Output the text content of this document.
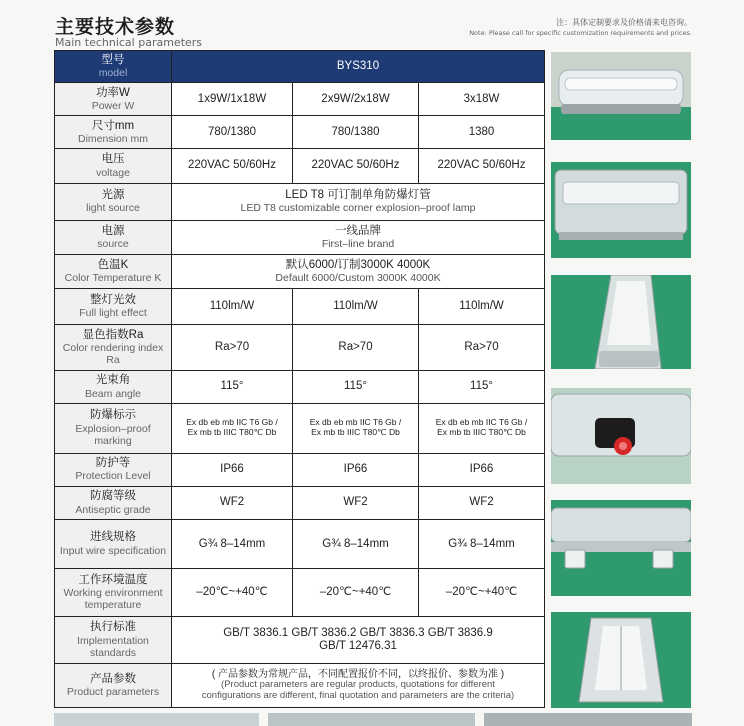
主要技术参数
Main technical parameters
注：具体定制要求及价格请来电咨询。
Note: Please call for specific customization requirements and prices.
型号
model	BYS310		

功率W
Power W	1x9W/1x18W	2x9W/2x18W	3x18W

尺寸mm
Dimension mm	780/1380	780/1380	1380

电压
voltage	220VAC 50/60Hz	220VAC 50/60Hz	220VAC 50/60Hz

光源
light source	LED T8 可订制单角防爆灯管
LED T8 customizable corner explosion–proof lamp		

电源
source	一线品牌
First–line brand		

色温K
Color Temperature K	默认6000/订制3000K 4000K
Default 6000/Custom 3000K 4000K		

整灯光效
Full light effect	110lm/W	110lm/W	110lm/W

显色指数Ra
Color rendering index Ra	Ra>70	Ra>70	Ra>70

光束角
Beam angle	115°	115°	115°

防爆标示
Explosion–proof marking	Ex db eb mb IIC T6 Gb /
Ex mb tb IIIC T80℃ Db	Ex db eb mb IIC T6 Gb /
Ex mb tb IIIC T80℃ Db	Ex db eb mb IIC T6 Gb /
Ex mb tb IIIC T80℃ Db

防护等
Protection Level	IP66	IP66	IP66

防腐等级
Antiseptic grade	WF2	WF2	WF2

进线规格
Input wire specification	G¾ 8–14mm	G¾ 8–14mm	G¾ 8–14mm

工作环境温度
Working environment temperature	–20℃~+40℃	–20℃~+40℃	–20℃~+40℃

执行标准
Implementation standards	GB/T 3836.1 GB/T 3836.2 GB/T 3836.3 GB/T 3836.9
GB/T 12476.31		

产品参数
Product parameters	( 产品参数为常规产品，不同配置报价不同，以终报价、参数为准 )
(Product parameters are regular products, quotations for different
configurations are different, final quotation and parameters are the criteria)		
